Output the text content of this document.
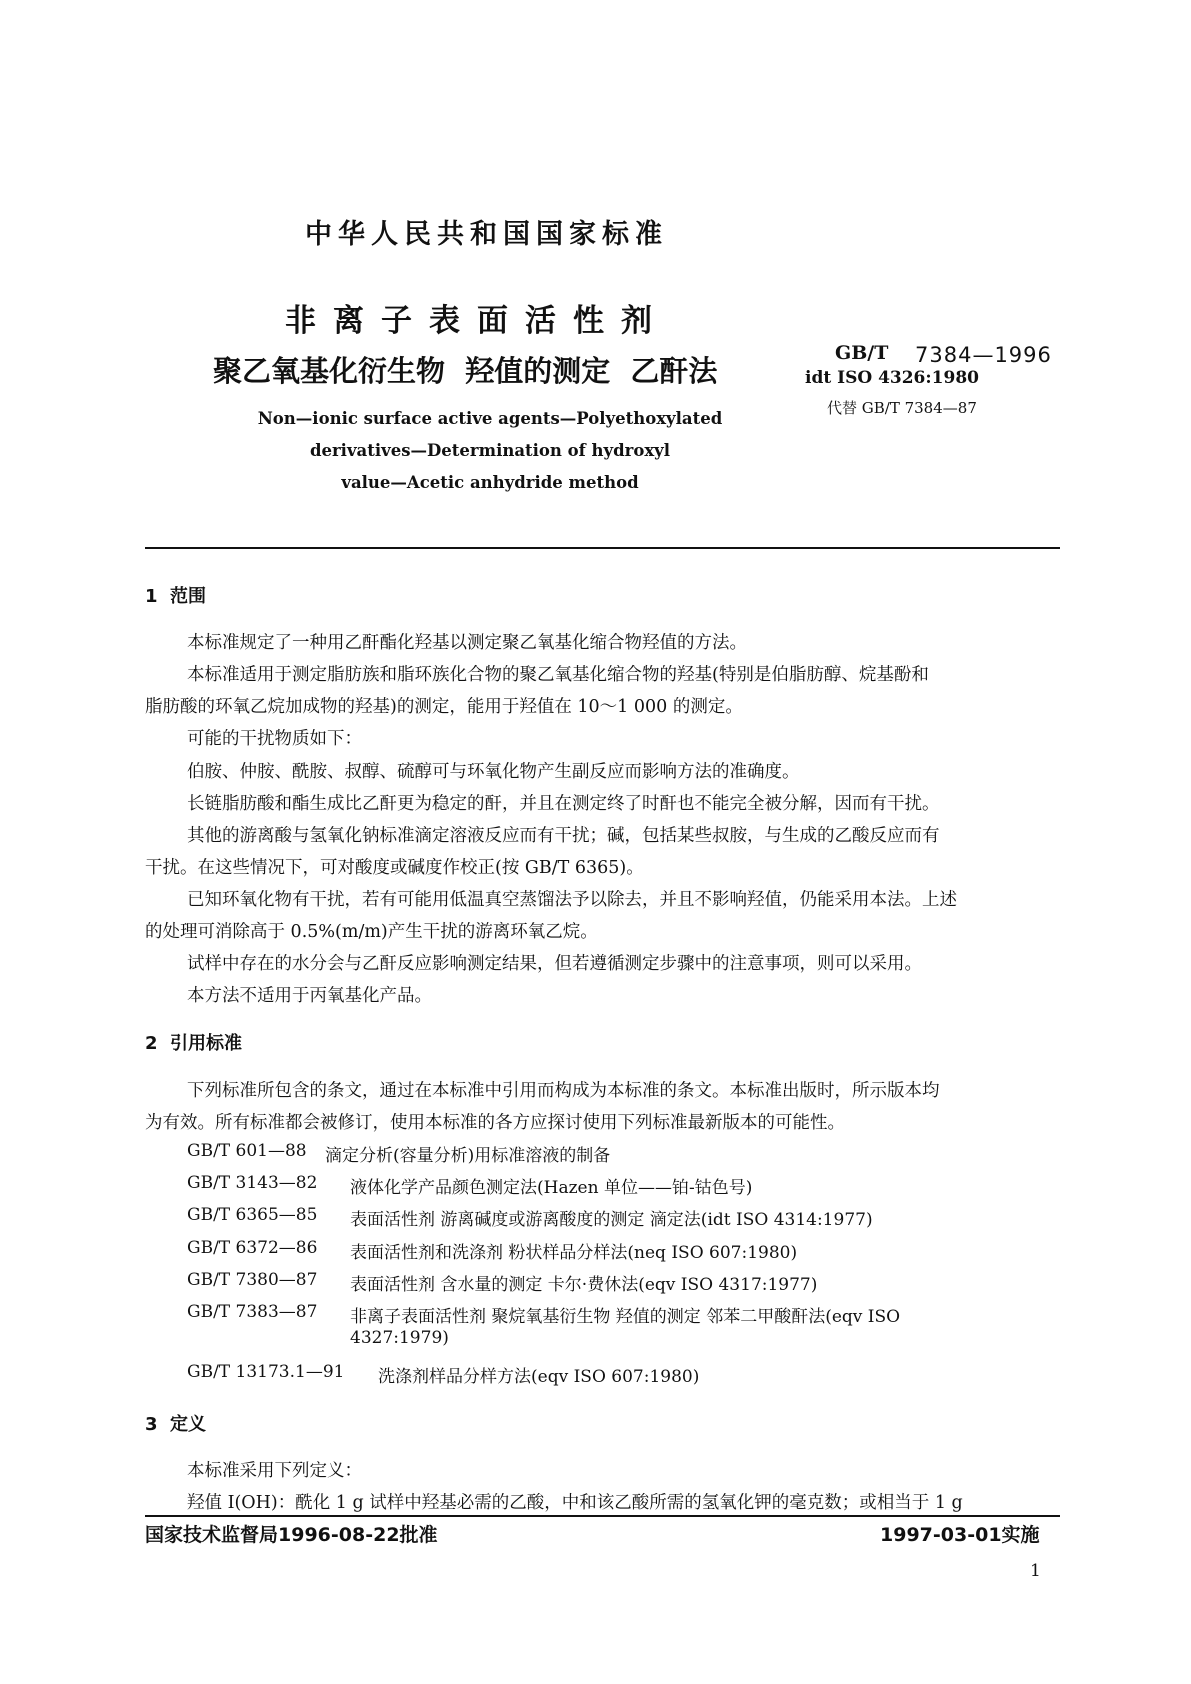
中华人民共和国国家标准
非离子表面活性剂
聚乙氧基化衍生物  羟值的测定  乙酐法
GB/T 7384—1996
idt ISO 4326:1980
代替 GB/T 7384—87
Non—ionic surface active agents—Polyethoxylated
derivatives—Determination of hydroxyl
value—Acetic anhydride method
1  范围
本标准规定了一种用乙酐酯化羟基以测定聚乙氧基化缩合物羟值的方法。
本标准适用于测定脂肪族和脂环族化合物的聚乙氧基化缩合物的羟基(特别是伯脂肪醇、烷基酚和
脂肪酸的环氧乙烷加成物的羟基)的测定，能用于羟值在 10～1 000 的测定。
可能的干扰物质如下：
伯胺、仲胺、酰胺、叔醇、硫醇可与环氧化物产生副反应而影响方法的准确度。
长链脂肪酸和酯生成比乙酐更为稳定的酐，并且在测定终了时酐也不能完全被分解，因而有干扰。
其他的游离酸与氢氧化钠标准滴定溶液反应而有干扰；碱，包括某些叔胺，与生成的乙酸反应而有
干扰。在这些情况下，可对酸度或碱度作校正(按 GB/T 6365)。
已知环氧化物有干扰，若有可能用低温真空蒸馏法予以除去，并且不影响羟值，仍能采用本法。上述
的处理可消除高于 0.5%(m/m)产生干扰的游离环氧乙烷。
试样中存在的水分会与乙酐反应影响测定结果，但若遵循测定步骤中的注意事项，则可以采用。
本方法不适用于丙氧基化产品。
2  引用标准
下列标准所包含的条文，通过在本标准中引用而构成为本标准的条文。本标准出版时，所示版本均
为有效。所有标准都会被修订，使用本标准的各方应探讨使用下列标准最新版本的可能性。
GB/T 601—88 滴定分析(容量分析)用标准溶液的制备
GB/T 3143—82 液体化学产品颜色测定法(Hazen 单位——铂-钴色号)
GB/T 6365—85 表面活性剂 游离碱度或游离酸度的测定 滴定法(idt ISO 4314:1977)
GB/T 6372—86 表面活性剂和洗涤剂 粉状样品分样法(neq ISO 607:1980)
GB/T 7380—87 表面活性剂 含水量的测定 卡尔·费休法(eqv ISO 4317:1977)
GB/T 7383—87 非离子表面活性剂 聚烷氧基衍生物 羟值的测定 邻苯二甲酸酐法(eqv ISO
4327:1979)
GB/T 13173.1—91 洗涤剂样品分样方法(eqv ISO 607:1980)
3  定义
本标准采用下列定义：
羟值 I(OH)：酰化 1 g 试样中羟基必需的乙酸，中和该乙酸所需的氢氧化钾的毫克数；或相当于 1 g
国家技术监督局1996-08-22批准	1997-03-01实施
1
